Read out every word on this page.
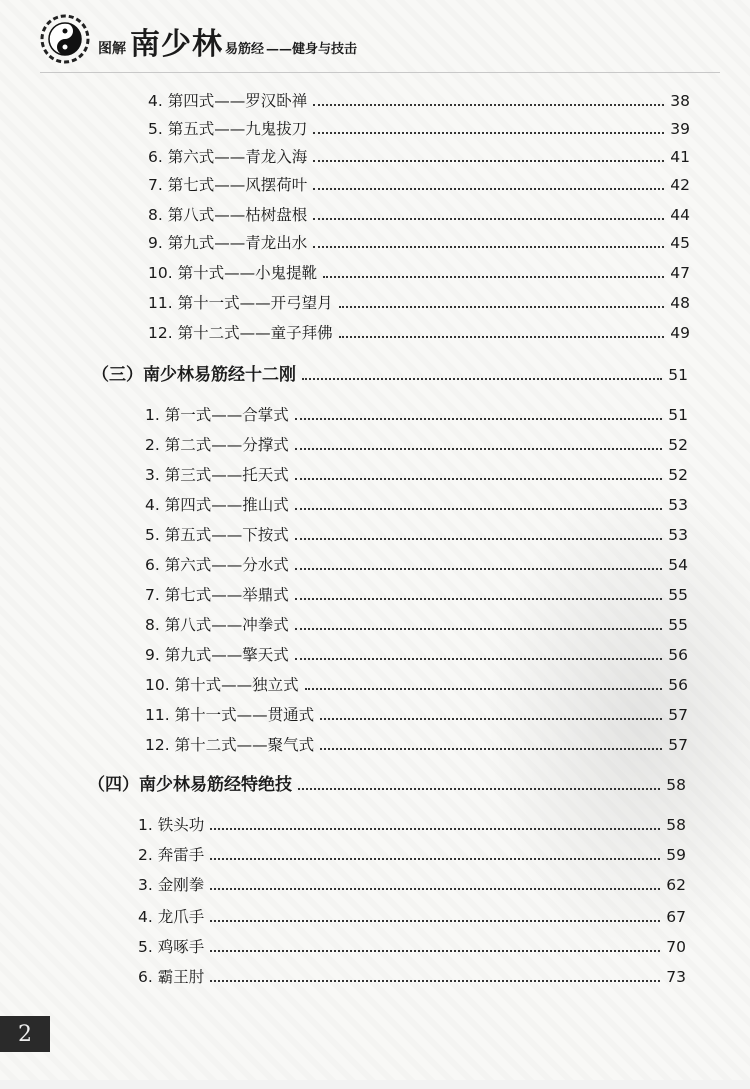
图解 南少林 易筋经 ——健身与技击
4. 第四式——罗汉卧禅	38
5. 第五式——九鬼拔刀	39
6. 第六式——青龙入海	41
7. 第七式——风摆荷叶	42
8. 第八式——枯树盘根	44
9. 第九式——青龙出水	45
10. 第十式——小鬼提靴	47
11. 第十一式——开弓望月	48
12. 第十二式——童子拜佛	49
（三）南少林易筋经十二刚	51
1. 第一式——合掌式	51
2. 第二式——分撑式	52
3. 第三式——托天式	52
4. 第四式——推山式	53
5. 第五式——下按式	53
6. 第六式——分水式	54
7. 第七式——举鼎式	55
8. 第八式——冲拳式	55
9. 第九式——擎天式	56
10. 第十式——独立式	56
11. 第十一式——贯通式	57
12. 第十二式——聚气式	57
（四）南少林易筋经特绝技	58
1. 铁头功	58
2. 奔雷手	59
3. 金刚拳	62
4. 龙爪手	67
5. 鸡啄手	70
6. 霸王肘	73
2
